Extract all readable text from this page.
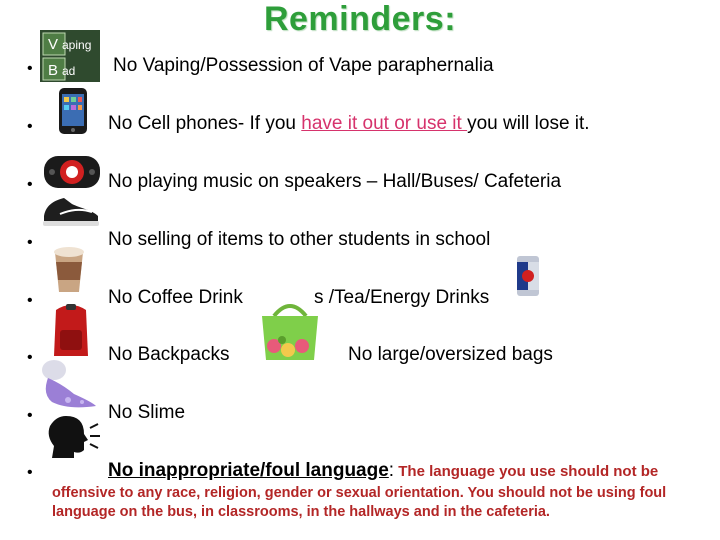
Reminders:
•
V aping
B ad No Vaping/Possession of Vape paraphernalia
•	No Cell phones- If you have it out or use it you will lose it.
•	No playing music on speakers – Hall/Buses/ Cafeteria
•	No selling of items to other students in school
•	No Coffee Drink	s /Tea/Energy Drinks
•	No Backpacks	No large/oversized bags
•	No Slime
•	No inappropriate/foul language: The language you use should not be
offensive to any race, religion, gender or sexual orientation. You should not be using foul language on the bus, in classrooms, in the hallways and in the cafeteria.
